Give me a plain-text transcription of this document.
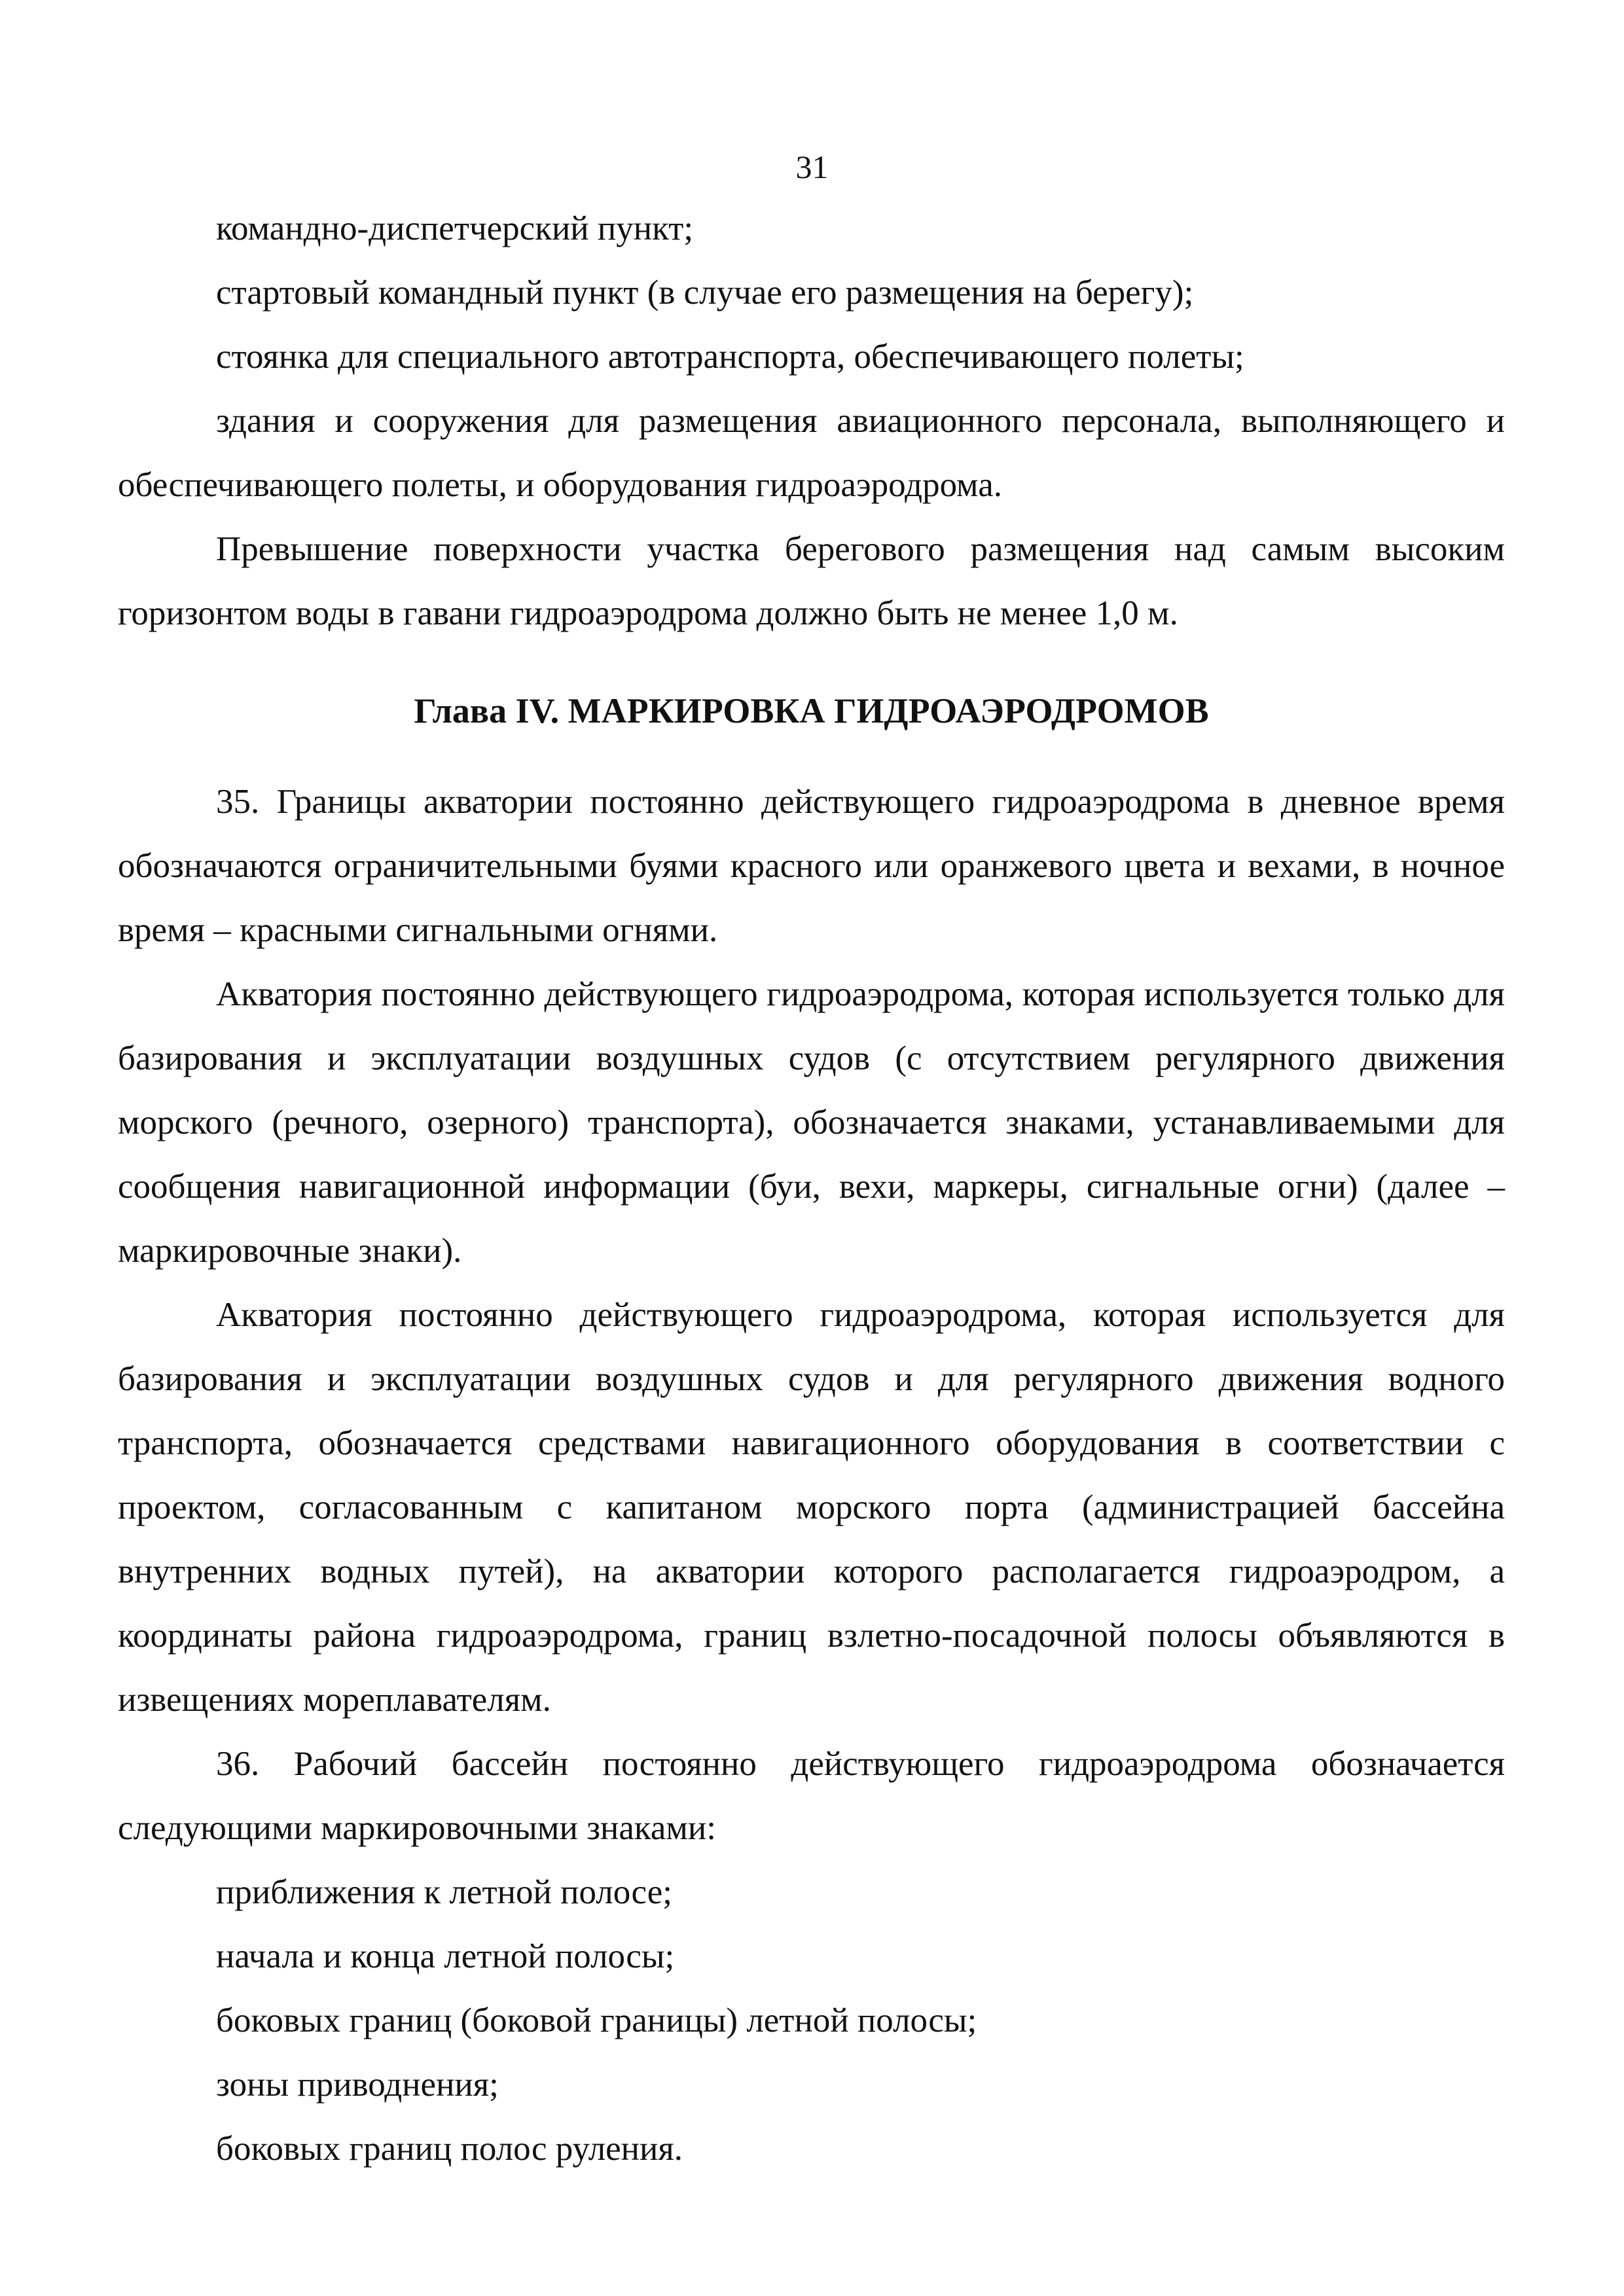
31

командно-диспетчерский пункт;

стартовый командный пункт (в случае его размещения на берегу);

стоянка для специального автотранспорта, обеспечивающего полеты;

здания и сооружения для размещения авиационного персонала, выполняющего и обеспечивающего полеты, и оборудования гидроаэродрома.

Превышение поверхности участка берегового размещения над самым высоким горизонтом воды в гавани гидроаэродрома должно быть не менее 1,0 м.

Глава IV. МАРКИРОВКА ГИДРОАЭРОДРОМОВ

35. Границы акватории постоянно действующего гидроаэродрома в дневное время обозначаются ограничительными буями красного или оранжевого цвета и вехами, в ночное время – красными сигнальными огнями.

Акватория постоянно действующего гидроаэродрома, которая используется только для базирования и эксплуатации воздушных судов (с отсутствием регулярного движения морского (речного, озерного) транспорта), обозначается знаками, устанавливаемыми для сообщения навигационной информации (буи, вехи, маркеры, сигнальные огни) (далее – маркировочные знаки).

Акватория постоянно действующего гидроаэродрома, которая используется для базирования и эксплуатации воздушных судов и для регулярного движения водного транспорта, обозначается средствами навигационного оборудования в соответствии с проектом, согласованным с капитаном морского порта (администрацией бассейна внутренних водных путей), на акватории которого располагается гидроаэродром, а координаты района гидроаэродрома, границ взлетно-посадочной полосы объявляются в извещениях мореплавателям.

36. Рабочий бассейн постоянно действующего гидроаэродрома обозначается следующими маркировочными знаками:

приближения к летной полосе;

начала и конца летной полосы;

боковых границ (боковой границы) летной полосы;

зоны приводнения;

боковых границ полос руления.
